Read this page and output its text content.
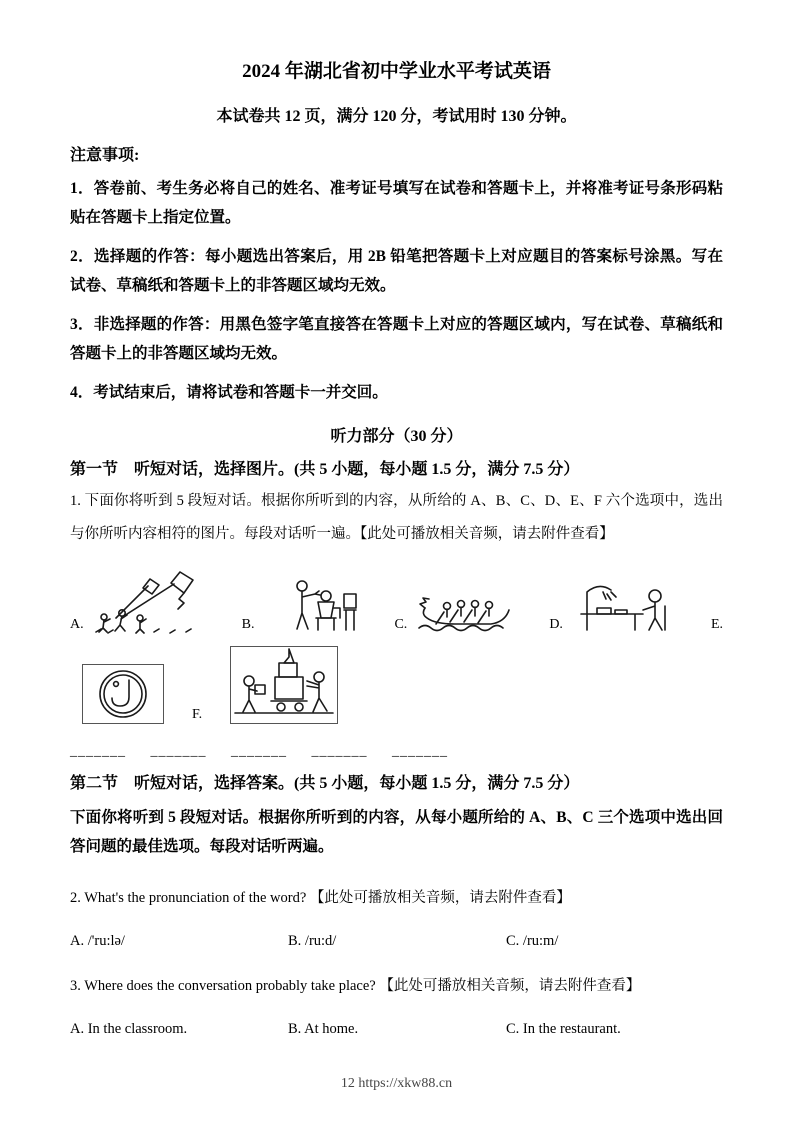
2024 年湖北省初中学业水平考试英语

本试卷共 12 页，满分 120 分，考试用时 130 分钟。

注意事项:

1．答卷前、考生务必将自己的姓名、准考证号填写在试卷和答题卡上，并将准考证号条形码粘贴在答题卡上指定位置。

2．选择题的作答：每小题选出答案后，用 2B 铅笔把答题卡上对应题目的答案标号涂黑。写在试卷、草稿纸和答题卡上的非答题区域均无效。

3．非选择题的作答：用黑色签字笔直接答在答题卡上对应的答题区域内，写在试卷、草稿纸和答题卡上的非答题区域均无效。

4．考试结束后，请将试卷和答题卡一并交回。

听力部分（30 分）

第一节　听短对话，选择图片。(共 5 小题，每小题 1.5 分，满分 7.5 分）

1. 下面你将听到 5 段短对话。根据你所听到的内容，从所给的 A、B、C、D、E、F 六个选项中，选出与你所听内容相符的图片。每段对话听一遍。【此处可播放相关音频，请去附件查看】

A.	B.	C.	D.	E.
F.

_______ _______ _______ _______ _______

第二节　听短对话，选择答案。(共 5 小题，每小题 1.5 分，满分 7.5 分）

下面你将听到 5 段短对话。根据你所听到的内容，从每小题所给的 A、B、C 三个选项中选出回答问题的最佳选项。每段对话听两遍。

2. What's the pronunciation of the word? 【此处可播放相关音频，请去附件查看】

A. /'ru:lə/	B. /ru:d/	C. /ru:m/

3. Where does the conversation probably take place? 【此处可播放相关音频，请去附件查看】

A. In the classroom.	B. At home.	C. In the restaurant.

12 https://xkw88.cn
